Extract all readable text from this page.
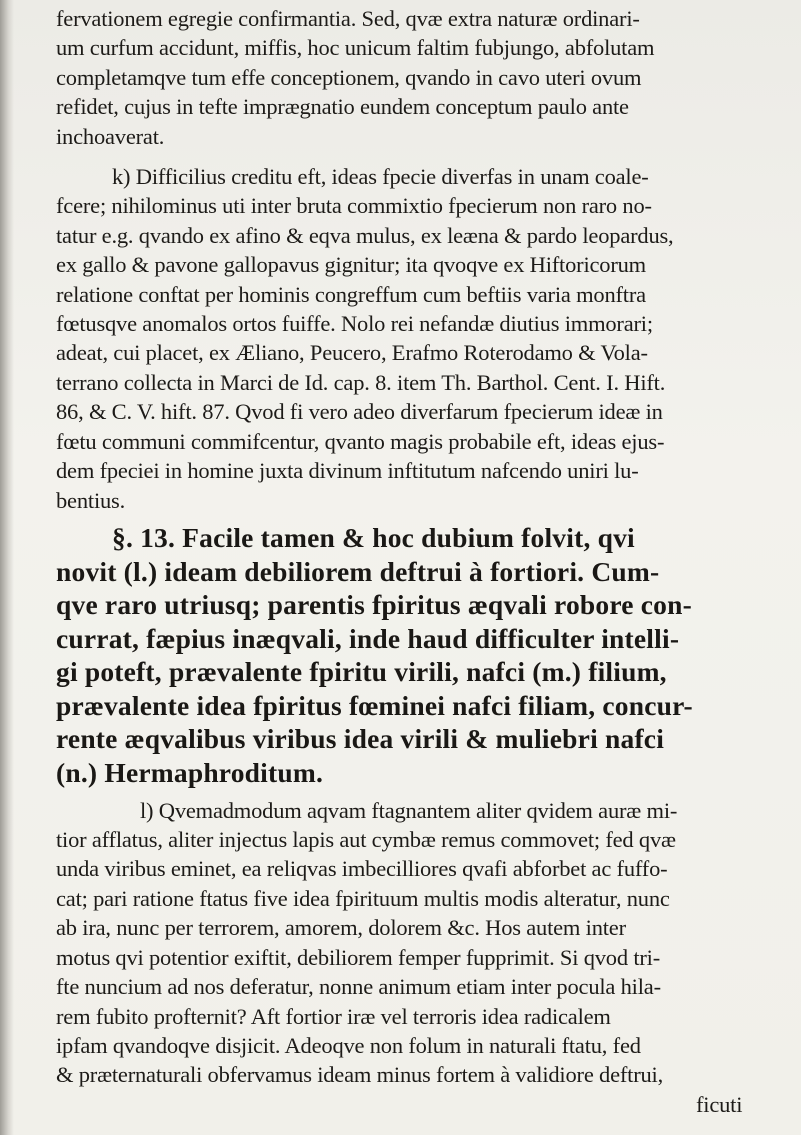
fervationem egregie confirmantia. Sed, qvæ extra naturæ ordinari-
um curfum accidunt, miffis, hoc unicum faltim fubjungo, abfolutam
completamqve tum effe conceptionem, qvando in cavo uteri ovum
refidet, cujus in tefte imprægnatio eundem conceptum paulo ante
inchoaverat.
k) Difficilius creditu eft, ideas fpecie diverfas in unam coale-
fcere; nihilominus uti inter bruta commixtio fpecierum non raro no-
tatur e.g. qvando ex afino & eqva mulus, ex leæna & pardo leopardus,
ex gallo & pavone gallopavus gignitur; ita qvoqve ex Hiftoricorum
relatione conftat per hominis congreffum cum beftiis varia monftra
fœtusqve anomalos ortos fuiffe. Nolo rei nefandæ diutius immorari;
adeat, cui placet, ex Æliano, Peucero, Erafmo Roterodamo & Vola-
terrano collecta in Marci de Id. cap. 8. item Th. Barthol. Cent. I. Hift.
86, & C. V. hift. 87. Qvod fi vero adeo diverfarum fpecierum ideæ in
fœtu communi commifcentur, qvanto magis probabile eft, ideas ejus-
dem fpeciei in homine juxta divinum inftitutum nafcendo uniri lu-
bentius.
§. 13. Facile tamen & hoc dubium folvit, qvi
novit (l.) ideam debiliorem deftrui à fortiori. Cum-
qve raro utriusq; parentis fpiritus æqvali robore con-
currat, fæpius inæqvali, inde haud difficulter intelli-
gi poteft, prævalente fpiritu virili, nafci (m.) filium,
prævalente idea fpiritus fœminei nafci filiam, concur-
rente æqvalibus viribus idea virili & muliebri nafci
(n.) Hermaphroditum.
l) Qvemadmodum aqvam ftagnantem aliter qvidem auræ mi-
tior afflatus, aliter injectus lapis aut cymbæ remus commovet; fed qvæ
unda viribus eminet, ea reliqvas imbecilliores qvafi abforbet ac fuffo-
cat; pari ratione ftatus five idea fpirituum multis modis alteratur, nunc
ab ira, nunc per terrorem, amorem, dolorem &c. Hos autem inter
motus qvi potentior exiftit, debiliorem femper fupprimit. Si qvod tri-
fte nuncium ad nos deferatur, nonne animum etiam inter pocula hila-
rem fubito profternit? Aft fortior iræ vel terroris idea radicalem
ipfam qvandoqve disjicit. Adeoqve non folum in naturali ftatu, fed
& præternaturali obfervamus ideam minus fortem à validiore deftrui,
ficuti
